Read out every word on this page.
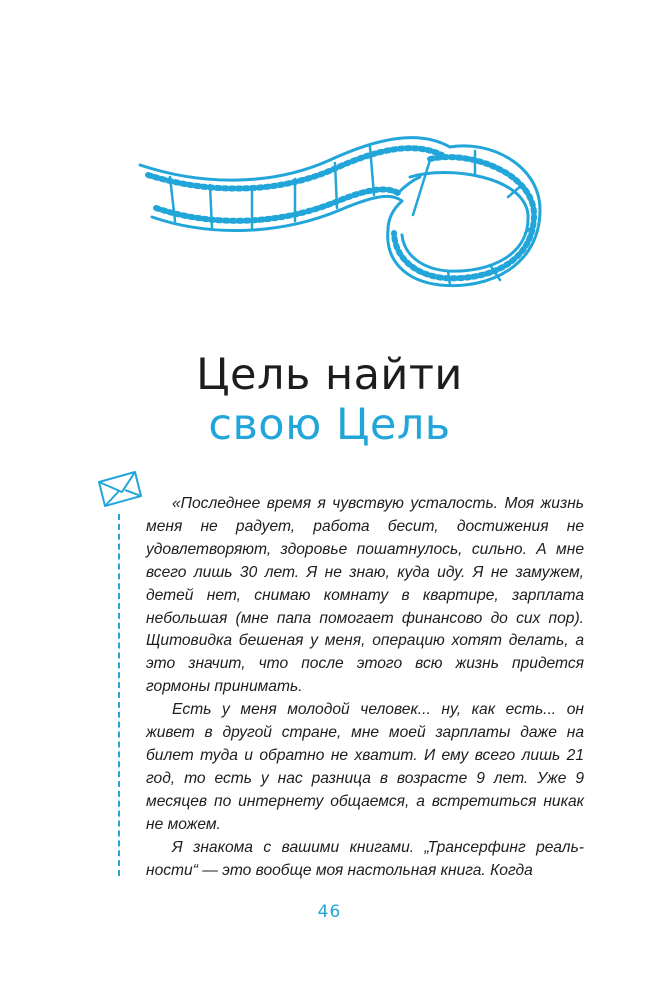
Цель найти
свою Цель

«Последнее время я чувствую усталость. Моя жизнь меня не радует, работа бесит, достижения не удовлетворяют, здоровье пошатнулось, сильно. А мне всего лишь 30 лет. Я не знаю, куда иду. Я не замужем, детей нет, снимаю комнату в квартире, зарплата небольшая (мне папа помогает финансово до сих пор). Щитовидка бешеная у меня, операцию хотят делать, а это значит, что после этого всю жизнь придется гормоны принимать.

Есть у меня молодой человек... ну, как есть... он живет в другой стране, мне моей зарплаты даже на билет туда и обратно не хватит. И ему всего лишь 21 год, то есть у нас разница в возрасте 9 лет. Уже 9 месяцев по интернету общаемся, а встретиться никак не можем.

Я знакома с вашими книгами. „Трансерфинг реальности“ — это вообще моя настольная книга. Когда

46
